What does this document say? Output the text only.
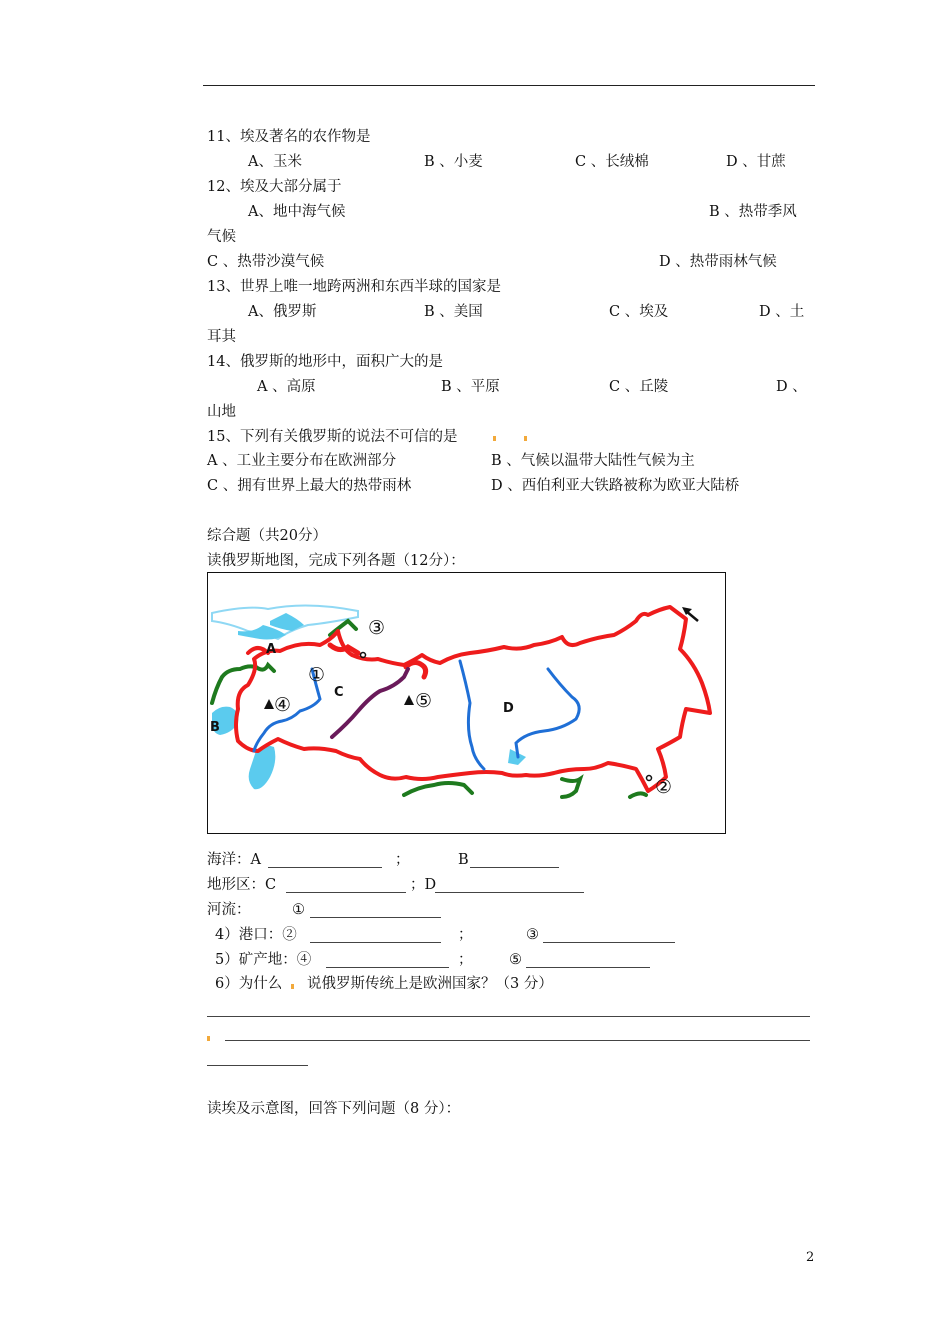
11、埃及著名的农作物是
A、玉米	B 、小麦	C 、长绒棉	D 、甘蔗
12、埃及大部分属于
A、地中海气候	B 、热带季风
气候
C 、热带沙漠气候	D 、热带雨林气候
13、世界上唯一地跨两洲和东西半球的国家是
A、俄罗斯	B 、美国	C 、埃及	D 、土
耳其
14、俄罗斯的地形中，面积广大的是
A 、高原	B 、平原	C 、丘陵	D 、
山地
15、下列有关俄罗斯的说法不可信的是
A 、工业主要分布在欧洲部分	B 、气候以温带大陆性气候为主
C 、拥有世界上最大的热带雨林	D 、西伯利亚大铁路被称为欧亚大陆桥
综合题（共20分）
读俄罗斯地图，完成下列各题（12分）：
A
B
C
D
①
②
③
④	⑤
海洋：A	；	B
地形区：C	；D
河流：	①
4）港口：②	；	③
5）矿产地：④	；	⑤
6）为什么 说俄罗斯传统上是欧洲国家？（3 分）
读埃及示意图，回答下列问题（8 分）：
2
